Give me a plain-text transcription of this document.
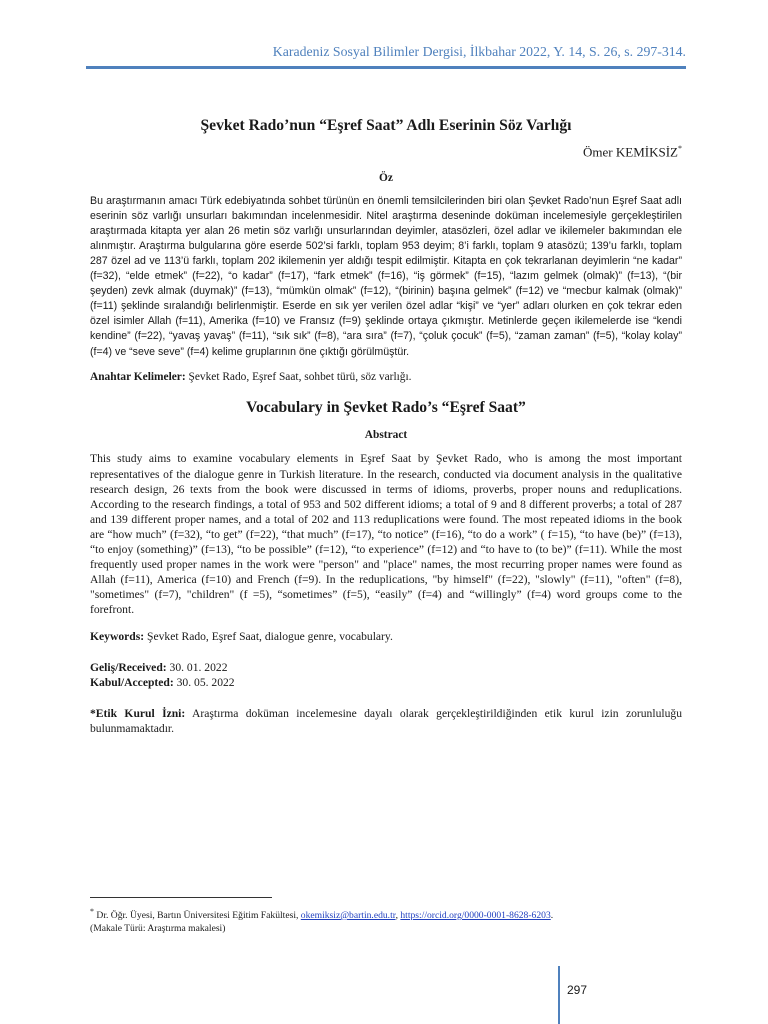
Karadeniz Sosyal Bilimler Dergisi, İlkbahar 2022, Y. 14, S. 26, s. 297-314.
Şevket Rado’nun “Eşref Saat” Adlı Eserinin Söz Varlığı
Ömer KEMİKSİZ*
Öz

Bu araştırmanın amacı Türk edebiyatında sohbet türünün en önemli temsilcilerinden biri olan Şevket Rado’nun Eşref Saat adlı eserinin söz varlığı unsurları bakımından incelenmesidir. Nitel araştırma deseninde doküman incelemesiyle gerçekleştirilen araştırmada kitapta yer alan 26 metin söz varlığı unsurlarından deyimler, atasözleri, özel adlar ve ikilemeler bakımından ele alınmıştır. Araştırma bulgularına göre eserde 502’si farklı, toplam 953 deyim; 8’i farklı, toplam 9 atasözü; 139’u farklı, toplam 287 özel ad ve 113’ü farklı, toplam 202 ikilemenin yer aldığı tespit edilmiştir. Kitapta en çok tekrarlanan deyimlerin “ne kadar” (f=32), “elde etmek” (f=22), “o kadar” (f=17), “fark etmek” (f=16), “iş görmek” (f=15), “lazım gelmek (olmak)” (f=13), “(bir şeyden) zevk almak (duymak)” (f=13), “mümkün olmak” (f=12), “(birinin) başına gelmek” (f=12) ve “mecbur kalmak (olmak)” (f=11) şeklinde sıralandığı belirlenmiştir. Eserde en sık yer verilen özel adlar “kişi” ve “yer” adları olurken en çok tekrar eden özel isimler Allah (f=11), Amerika (f=10) ve Fransız (f=9) şeklinde ortaya çıkmıştır. Metinlerde geçen ikilemelerde ise “kendi kendine” (f=22), “yavaş yavaş” (f=11), “sık sık” (f=8), “ara sıra” (f=7), “çoluk çocuk” (f=5), “zaman zaman” (f=5), “kolay kolay” (f=4) ve “seve seve” (f=4) kelime gruplarının öne çıktığı görülmüştür.

Anahtar Kelimeler: Şevket Rado, Eşref Saat, sohbet türü, söz varlığı.
Vocabulary in Şevket Rado’s “Eşref Saat”
Abstract

This study aims to examine vocabulary elements in Eşref Saat by Şevket Rado, who is among the most important representatives of the dialogue genre in Turkish literature. In the research, conducted via document analysis in the qualitative research design, 26 texts from the book were discussed in terms of idioms, proverbs, proper nouns and reduplications. According to the research findings, a total of 953 and 502 different idioms; a total of 9 and 8 different proverbs; a total of 287 and 139 different proper names, and a total of 202 and 113 reduplications were found. The most repeated idioms in the book are “how much” (f=32), “to get” (f=22), “that much” (f=17), “to notice” (f=16), “to do a work” ( f=15), “to have (be)” (f=13), “to enjoy (something)” (f=13), “to be possible” (f=12), “to experience” (f=12) and “to have to (to be)” (f=11). While the most frequently used proper names in the work were "person" and "place" names, the most recurring proper names were found as Allah (f=11), America (f=10) and French (f=9). In the reduplications, "by himself" (f=22), "slowly" (f=11), "often" (f=8), "sometimes" (f=7), "children" (f =5), “sometimes” (f=5), “easily” (f=4) and “willingly” (f=4) word groups come to the forefront.

Keywords: Şevket Rado, Eşref Saat, dialogue genre, vocabulary.
Geliş/Received: 30. 01. 2022
Kabul/Accepted: 30. 05. 2022
*Etik Kurul İzni: Araştırma doküman incelemesine dayalı olarak gerçekleştirildiğinden etik kurul izin zorunluluğu bulunmamaktadır.
* Dr. Öğr. Üyesi, Bartın Üniversitesi Eğitim Fakültesi, okemiksiz@bartin.edu.tr, https://orcid.org/0000-0001-8628-6203.
(Makale Türü: Araştırma makalesi)
297
